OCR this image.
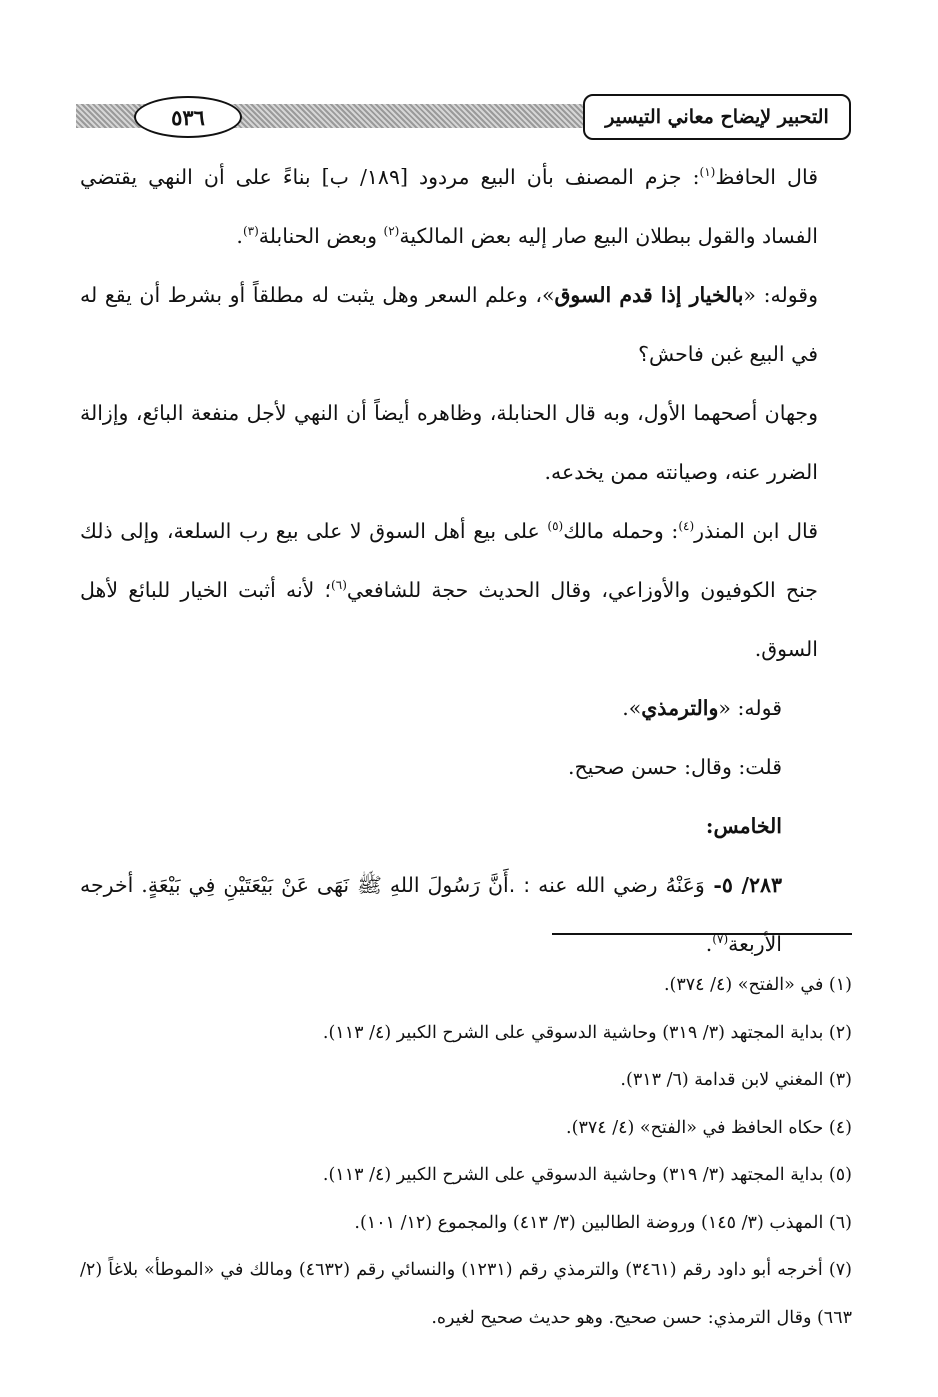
التحبير لإيضاح معاني التيسير
٥٣٦

قال الحافظ$^{(١)}$: جزم المصنف بأن البيع مردود [١٨٩/ ب] بناءً على أن النهي يقتضي الفساد والقول ببطلان البيع صار إليه بعض المالكية$^{(٢)}$ وبعض الحنابلة$^{(٣)}$.

وقوله: «بالخيار إذا قدم السوق»، وعلم السعر وهل يثبت له مطلقاً أو بشرط أن يقع له في البيع غبن فاحش؟

وجهان أصحهما الأول، وبه قال الحنابلة، وظاهره أيضاً أن النهي لأجل منفعة البائع، وإزالة الضرر عنه، وصيانته ممن يخدعه.

قال ابن المنذر$^{(٤)}$: وحمله مالك$^{(٥)}$ على بيع أهل السوق لا على بيع رب السلعة، وإلى ذلك جنح الكوفيون والأوزاعي، وقال الحديث حجة للشافعي$^{(٦)}$؛ لأنه أثبت الخيار للبائع لأهل السوق.

قوله: «والترمذي».

قلت: وقال: حسن صحيح.

الخامس:

٢٨٣/ ٥- وَعَنْهُ رضي الله عنه : .أَنَّ رَسُولَ اللهِ ﷺ نَهَى عَنْ بَيْعَتَيْنِ فِي بَيْعَةٍ. أخرجه الأربعة$^{(٧)}$.

(١) في «الفتح» (٤/ ٣٧٤).

(٢) بداية المجتهد (٣/ ٣١٩) وحاشية الدسوقي على الشرح الكبير (٤/ ١١٣).

(٣) المغني لابن قدامة (٦/ ٣١٣).

(٤) حكاه الحافظ في «الفتح» (٤/ ٣٧٤).

(٥) بداية المجتهد (٣/ ٣١٩) وحاشية الدسوقي على الشرح الكبير (٤/ ١١٣).

(٦) المهذب (٣/ ١٤٥) وروضة الطالبين (٣/ ٤١٣) والمجموع (١٢/ ١٠١).

(٧) أخرجه أبو داود رقم (٣٤٦١) والترمذي رقم (١٢٣١) والنسائي رقم (٤٦٣٢) ومالك في «الموطأ» بلاغاً (٢/ ٦٦٣) وقال الترمذي: حسن صحيح. وهو حديث صحيح لغيره.
